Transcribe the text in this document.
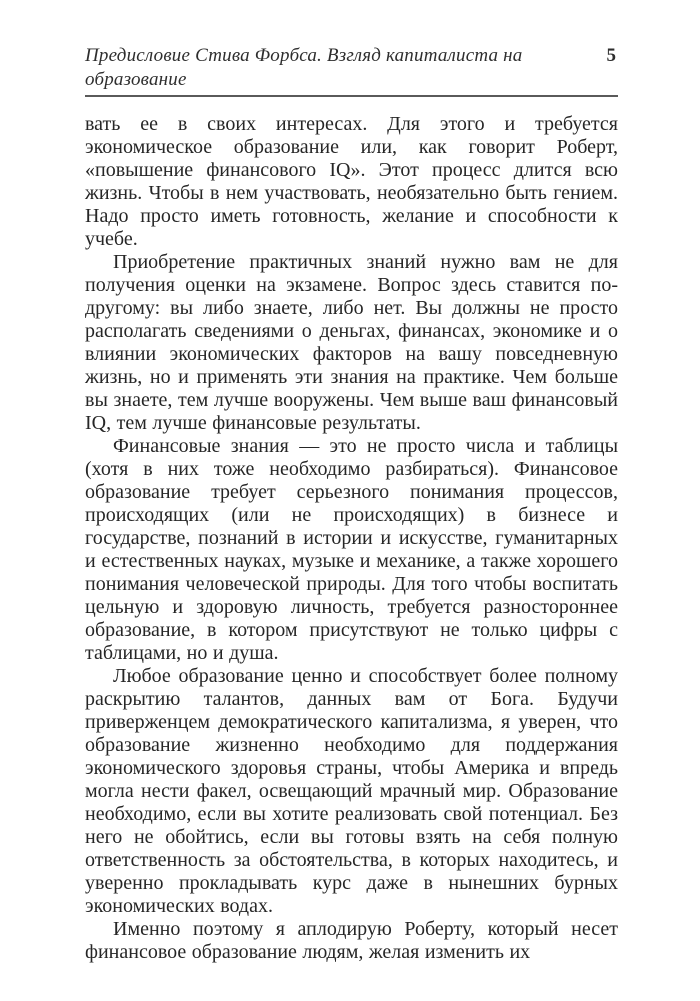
Предисловие Стива Форбса. Взгляд капиталиста на образование
5

вать ее в своих интересах. Для этого и требуется экономическое образование или, как говорит Роберт, «повышение финансового IQ». Этот процесс длится всю жизнь. Чтобы в нем участвовать, необязательно быть гением. Надо просто иметь готовность, желание и способности к учебе.

Приобретение практичных знаний нужно вам не для получения оценки на экзамене. Вопрос здесь ставится по-другому: вы либо знаете, либо нет. Вы должны не просто располагать сведениями о деньгах, финансах, экономике и о влиянии экономических факторов на вашу повседневную жизнь, но и применять эти знания на практике. Чем больше вы знаете, тем лучше вооружены. Чем выше ваш финансовый IQ, тем лучше финансовые результаты.

Финансовые знания — это не просто числа и таблицы (хотя в них тоже необходимо разбираться). Финансовое образование требует серьезного понимания процессов, происходящих (или не происходящих) в бизнесе и государстве, познаний в истории и искусстве, гуманитарных и естественных науках, музыке и механике, а также хорошего понимания человеческой природы. Для того чтобы воспитать цельную и здоровую личность, требуется разностороннее образование, в котором присутствуют не только цифры с таблицами, но и душа.

Любое образование ценно и способствует более полному раскрытию талантов, данных вам от Бога. Будучи приверженцем демократического капитализма, я уверен, что образование жизненно необходимо для поддержания экономического здоровья страны, чтобы Америка и впредь могла нести факел, освещающий мрачный мир. Образование необходимо, если вы хотите реализовать свой потенциал. Без него не обойтись, если вы готовы взять на себя полную ответственность за обстоятельства, в которых находитесь, и уверенно прокладывать курс даже в нынешних бурных экономических водах.

Именно поэтому я аплодирую Роберту, который несет финансовое образование людям, желая изменить их
